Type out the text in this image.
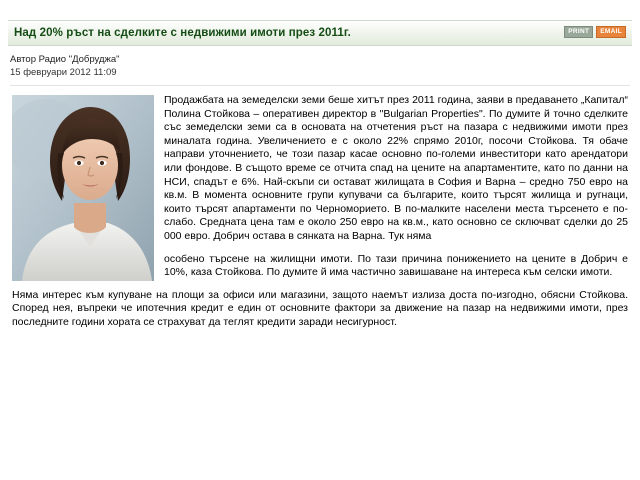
Над 20% ръст на сделките с недвижими имоти през 2011г.	PRINT	EMAIL
Автор Радио "Добруджа"
15 февруари 2012 11:09

Продажбата на земеделски земи беше хитът през 2011 година, заяви в предаването „Капитал“ Полина Стойкова – оперативен директор в "Bulgarian Properties". По думите й точно сделките със земеделски земи са в основата на отчетения ръст на пазара с недвижими имоти през миналата година. Увеличението е с около 22% спрямо 2010г, посочи Стойкова. Тя обаче направи уточнението, че този пазар касае основно по-големи инвеститори като арендатори или фондове. В същото време се отчита спад на цените на апартаментите, като по данни на НСИ, спадът е 6%. Най-скъпи си остават жилищата в София и Варна – средно 750 евро на кв.м. В момента основните групи купувачи са българите, които търсят жилища и ругнаци, които търсят апартаменти по Черноморието. В по-малките населени места търсенето е по-слабо. Средната цена там е около 250 евро на кв.м., като основно се сключват сделки до 25 000 евро. Добрич остава в сянката на Варна. Тук няма

особено търсене на жилищни имоти. По тази причина понижението на цените в Добрич е 10%, каза Стойкова. По думите й има частично завишаване на интереса към селски имоти.

Няма интерес към купуване на площи за офиси или магазини, защото наемът излиза доста по-изгодно, обясни Стойкова. Според нея, въпреки че ипотечния кредит е един от основните фактори за движение на пазар на недвижими имоти, през последните години хората се страхуват да теглят кредити заради несигурност.
